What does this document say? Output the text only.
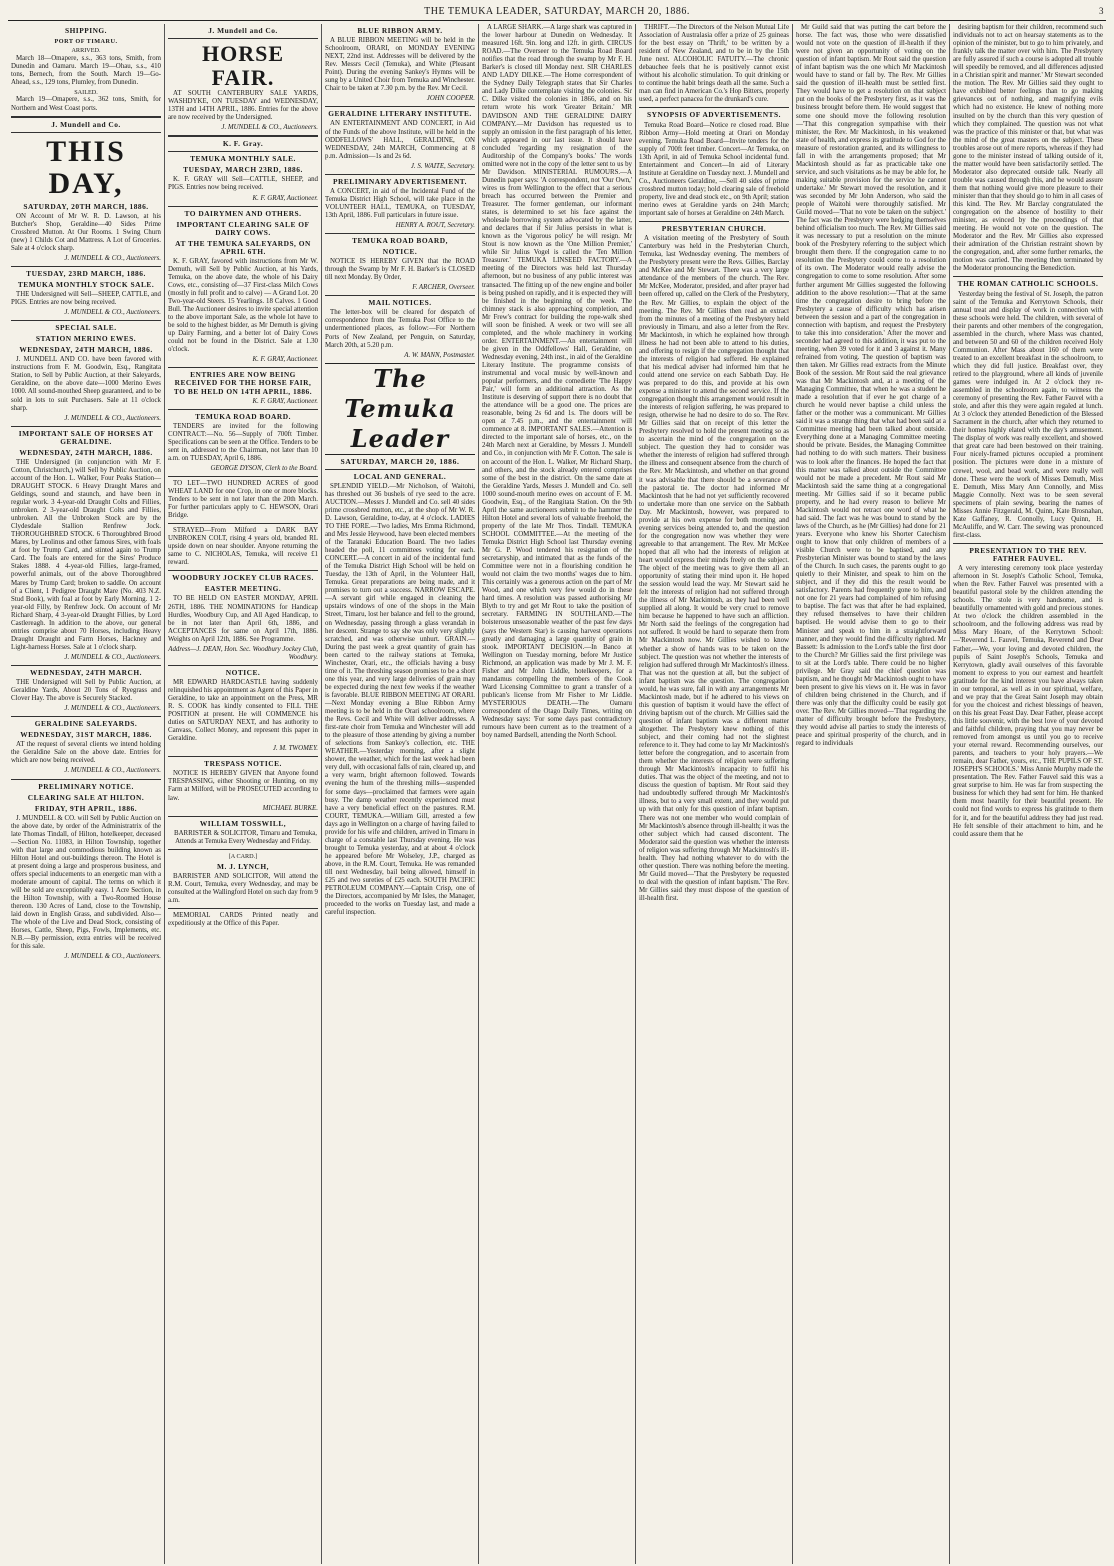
THE TEMUKA LEADER, SATURDAY, MARCH 20, 1886.	3
SHIPPING.
PORT OF TIMARU.
ARRIVED.

March 18—Omapere, s.s., 363 tons, Smith, from Dunedin and Oamaru. March 19—Ohau, s.s., 410 tons, Bernech, from the South. March 19—Go-Ahead, s.s., 129 tons, Plumley, from Dunedin.

SAILED.

March 19—Omapere, s.s., 362 tons, Smith, for Northern and West Coast ports.

J. Mundell and Co.
THIS DAY,
SATURDAY, 20TH MARCH, 1886.

ON Account of Mr W. R. D. Lawson, at his Butcher's Shop, Geraldine—40 Sides Prime Crossbred Mutton. At Our Rooms. 1 Swing Churn (new) 1 Childs Cot and Mattress. A Lot of Groceries. Sale at 4 o'clock sharp.

J. MUNDELL & CO., Auctioneers.
TUESDAY, 23RD MARCH, 1886.
TEMUKA MONTHLY STOCK SALE.

THE Undersigned will Sell—SHEEP, CATTLE, and PIGS. Entries are now being received.

J. MUNDELL & CO., Auctioneers.
SPECIAL SALE.
STATION MERINO EWES.
WEDNESDAY, 24TH MARCH, 1886.

J. MUNDELL AND CO. have been favored with instructions from F. M. Goodwin, Esq., Rangitata Station, to Sell by Public Auction, at their Saleyards, Geraldine, on the above date—1000 Merino Ewes 1000. All sound-mouthed Sheep guaranteed, and to be sold in lots to suit Purchasers. Sale at 11 o'clock sharp.

J. MUNDELL & CO., Auctioneers.
IMPORTANT SALE OF HORSES AT GERALDINE.
WEDNESDAY, 24TH MARCH, 1886.

THE Undersigned (in conjunction with Mr F. Cotton, Christchurch,) will Sell by Public Auction, on account of the Hon. L. Walker, Four Peaks Station—DRAUGHT STOCK. 6 Heavy Draught Mares and Geldings, sound and staunch, and have been in regular work. 3 4-year-old Draught Colts and Fillies, unbroken. 2 3-year-old Draught Colts and Fillies, unbroken. All the Unbroken Stock are by the Clydesdale Stallion Renfrew Jock. THOROUGHBRED STOCK. 6 Thoroughbred Brood Mares, by Leolinus and other famous Sires, with foals at foot by Trump Card, and stinted again to Trump Card. The foals are entered for the Sires' Produce Stakes 1888. 4 4-year-old Fillies, large-framed, powerful animals, out of the above Thoroughbred Mares by Trump Card; broken to saddle. On account of a Client, 1 Pedigree Draught Mare (No. 403 N.Z. Stud Book), with foal at foot by Early Morning. 1 2-year-old Filly, by Renfrew Jock. On account of Mr Richard Sharp, 4 3-year-old Draught Fillies, by Lord Castlereagh. In addition to the above, our general entries comprise about 70 Horses, including Heavy Draught Draught and Farm Horses, Hackney and Light-harness Horses. Sale at 1 o'clock sharp.

J. MUNDELL & CO., Auctioneers.
WEDNESDAY, 24TH MARCH.

THE Undersigned will Sell by Public Auction, at Geraldine Yards, About 20 Tons of Ryegrass and Clover Hay. The above is Securely Stacked.

J. MUNDELL & CO., Auctioneers.
GERALDINE SALEYARDS.
WEDNESDAY, 31ST MARCH, 1886.

AT the request of several clients we intend holding the Geraldine Sale on the above date. Entries for which are now being received.

J. MUNDELL & CO., Auctioneers.
PRELIMINARY NOTICE.
CLEARING SALE AT HILTON.
FRIDAY, 9TH APRIL, 1886.

J. MUNDELL & CO. will Sell by Public Auction on the above date, by order of the Administratrix of the late Thomas Tindall, of Hilton, hotelkeeper, deceased—Section No. 11083, in Hilton Township, together with that large and commodious building known as Hilton Hotel and out-buildings thereon. The Hotel is at present doing a large and prosperous business, and offers special inducements to an energetic man with a moderate amount of capital. The terms on which it will be sold are exceptionally easy. 1 Acre Section, in the Hilton Township, with a Two-Roomed House thereon. 130 Acres of Land, close to the Township, laid down in English Grass, and subdivided. Also—The whole of the Live and Dead Stock, consisting of Horses, Cattle, Sheep, Pigs, Fowls, Implements, etc. N.B.—By permission, extra entries will be received for this sale.

J. MUNDELL & CO., Auctioneers.
J. Mundell and Co.
HORSE FAIR.

AT SOUTH CANTERBURY SALE YARDS, WASHDYKE, ON TUESDAY and WEDNESDAY, 13TH and 14TH APRIL, 1886. Entries for the above are now received by the Undersigned.

J. MUNDELL & CO., Auctioneers.
K. F. Gray.
TEMUKA MONTHLY SALE.
TUESDAY, MARCH 23RD, 1886.

K. F. GRAY will Sell—CATTLE, SHEEP, and PIGS. Entries now being received.

K. F. GRAY, Auctioneer.
TO DAIRYMEN AND OTHERS.
IMPORTANT CLEARING SALE OF DAIRY COWS.
AT THE TEMUKA SALEYARDS, ON APRIL 6TH.

K. F. GRAY, favored with instructions from Mr W. Demuth, will Sell by Public Auction, at his Yards, Temuka, on the above date, the whole of his Dairy Cows, etc., consisting of—37 First-class Milch Cows (mostly in full profit and to calve) — A Grand Lot. 20 Two-year-old Steers. 15 Yearlings. 18 Calves. 1 Good Bull. The Auctioneer desires to invite special attention to the above important Sale, as the whole lot have to be sold to the highest bidder, as Mr Demuth is giving up Dairy Farming, and a better lot of Dairy Cows could not be found in the District. Sale at 1.30 o'clock.

K. F. GRAY, Auctioneer.
ENTRIES ARE NOW BEING RECEIVED FOR THE HORSE FAIR, TO BE HELD ON 14TH APRIL, 1886.
K. F. GRAY, Auctioneer.
TEMUKA ROAD BOARD.

TENDERS are invited for the following CONTRACT:—No. 56—Supply of 700ft Timber. Specifications can be seen at the Office. Tenders to be sent in, addressed to the Chairman, not later than 10 a.m. on TUESDAY, April 6, 1886.

GEORGE DYSON, Clerk to the Board.

TO LET—TWO HUNDRED ACRES of good WHEAT LAND for one Crop, in one or more blocks. Tenders to be sent in not later than the 20th March. For further particulars apply to C. HEWSON, Orari Bridge.

STRAYED—From Milford a DARK BAY UNBROKEN COLT, rising 4 years old, branded RL upside down on near shoulder. Anyone returning the same to C. NICHOLAS, Temuka, will receive £1 reward.

WOODBURY JOCKEY CLUB RACES.
EASTER MEETING.

TO BE HELD ON EASTER MONDAY, APRIL 26TH, 1886. THE NOMINATIONS for Handicap Hurdles, Woodbury Cup, and All Aged Handicap, to be in not later than April 6th, 1886, and ACCEPTANCES for same on April 17th, 1886. Weights on April 12th, 1886. See Programme.

Address—J. DEAN, Hon. Sec. Woodbury Jockey Club, Woodbury.
NOTICE.

MR EDWARD HARDCASTLE having suddenly relinquished his appointment as Agent of this Paper in Geraldine, to take an appointment on the Press, MR R. S. COOK has kindly consented to FILL THE POSITION at present. He will COMMENCE his duties on SATURDAY NEXT, and has authority to Canvass, Collect Money, and represent this paper in Geraldine.

J. M. TWOMEY.
TRESPASS NOTICE.

NOTICE IS HEREBY GIVEN that Anyone found TRESPASSING, either Shooting or Hunting, on my Farm at Milford, will be PROSECUTED according to law.

MICHAEL BURKE.
WILLIAM TOSSWILL,

BARRISTER & SOLICITOR, Timaru and Temuka, Attends at Temuka Every Wednesday and Friday.

[A CARD.]
M. J. LYNCH,

BARRISTER AND SOLICITOR, Will attend the R.M. Court, Temuka, every Wednesday, and may be consulted at the Wallingford Hotel on such day from 9 a.m.

MEMORIAL CARDS Printed neatly and expeditiously at the Office of this Paper.

BLUE RIBBON ARMY.

A BLUE RIBBON MEETING will be held in the Schoolroom, ORARI, on MONDAY EVENING NEXT, 22nd inst. Addresses will be delivered by the Rev. Messrs Cecil (Temuka), and White (Pleasant Point). During the evening Sankey's Hymns will be sung by a United Choir from Temuka and Winchester. Chair to be taken at 7.30 p.m. by the Rev. Mr Cecil.

JOHN COOPER.
GERALDINE LITERARY INSTITUTE.

AN ENTERTAINMENT AND CONCERT, in Aid of the Funds of the above Institute, will be held in the ODDFELLOWS' HALL, GERALDINE, ON WEDNESDAY, 24th MARCH, Commencing at 8 p.m. Admission—1s and 2s 6d.

J. S. WAITE, Secretary.
PRELIMINARY ADVERTISEMENT.

A CONCERT, in aid of the Incidental Fund of the Temuka District High School, will take place in the VOLUNTEER HALL, TEMUKA, on TUESDAY, 13th April, 1886. Full particulars in future issue.

HENRY A. ROUT, Secretary.
TEMUKA ROAD BOARD,
NOTICE.

NOTICE IS HEREBY GIVEN that the ROAD through the Swamp by Mr F. H. Barker's is CLOSED till next Monday. By Order,

F. ARCHER, Overseer.
MAIL NOTICES.

The letter-box will be cleared for despatch of correspondence from the Temuka Post Office to the undermentioned places, as follow:—For Northern Ports of New Zealand, per Penguin, on Saturday, March 20th, at 5.20 p.m.

A. W. MANN, Postmaster.
The Temuka Leader
SATURDAY, MARCH 20, 1886.
LOCAL AND GENERAL.

SPLENDID YIELD.—Mr Nicholson, of Waitohi, has threshed out 36 bushels of rye seed to the acre. AUCTION.—Messrs J. Mundell and Co. sell 40 sides prime crossbred mutton, etc., at the shop of Mr W. R. D. Lawson, Geraldine, to-day, at 4 o'clock. LADIES TO THE FORE.—Two ladies, Mrs Emma Richmond, and Mrs Jessie Heywood, have been elected members of the Taranaki Education Board. The two ladies headed the poll, 11 committees voting for each. CONCERT.—A concert in aid of the incidental fund of the Temuka District High School will be held on Tuesday, the 13th of April, in the Volunteer Hall, Temuka. Great preparations are being made, and it promises to turn out a success. NARROW ESCAPE.—A servant girl while engaged in cleaning the upstairs windows of one of the shops in the Main Street, Timaru, lost her balance and fell to the ground, on Wednesday, passing through a glass verandah in her descent. Strange to say she was only very slightly scratched, and was otherwise unhurt. GRAIN.—During the past week a great quantity of grain has been carted to the railway stations at Temuka, Winchester, Orari, etc., the officials having a busy time of it. The threshing season promises to be a short one this year, and very large deliveries of grain may be expected during the next few weeks if the weather is favorable. BLUE RIBBON MEETING AT ORARI.—Next Monday evening a Blue Ribbon Army meeting is to be held in the Orari schoolroom, where the Revs. Cecil and White will deliver addresses. A first-rate choir from Temuka and Winchester will add to the pleasure of those attending by giving a number of selections from Sankey's collection, etc. THE WEATHER.—Yesterday morning, after a slight shower, the weather, which for the last week had been very dull, with occasional falls of rain, cleared up, and a very warm, bright afternoon followed. Towards evening the hum of the threshing mills—suspended for some days—proclaimed that farmers were again busy. The damp weather recently experienced must have a very beneficial effect on the pastures. R.M. COURT, TEMUKA.—William Gill, arrested a few days ago in Wellington on a charge of having failed to provide for his wife and children, arrived in Timaru in charge of a constable last Thursday evening. He was brought to Temuka yesterday, and at about 4 o'clock he appeared before Mr Wolseley, J.P., charged as above, in the R.M. Court, Temuka. He was remanded till next Wednesday, bail being allowed, himself in £25 and two sureties of £25 each. SOUTH PACIFIC PETROLEUM COMPANY.—Captain Crisp, one of the Directors, accompanied by Mr Isles, the Manager, proceeded to the works on Tuesday last, and made a careful inspection.

A LARGE SHARK.—A large shark was captured in the lower harbour at Dunedin on Wednesday. It measured 16ft. 9in. long and 12ft. in girth. CIRCUS ROAD.—The Overseer to the Temuka Road Board notifies that the road through the swamp by Mr F. H. Barker's is closed till Monday next. SIR CHARLES AND LADY DILKE.—The Home correspondent of the Sydney Daily Telegraph states that Sir Charles and Lady Dilke contemplate visiting the colonies. Sir C. Dilke visited the colonies in 1866, and on his return wrote his work 'Greater Britain.' MR DAVIDSON AND THE GERALDINE DAIRY COMPANY.—Mr Davidson has requested us to supply an omission in the first paragraph of his letter, which appeared in our last issue. It should have concluded 'regarding my resignation of the Auditorship of the Company's books.' The words omitted were not in the copy of the letter sent to us by Mr Davidson. MINISTERIAL RUMOURS.—A Dunedin paper says: 'A correspondent, not 'Our Own,' wires us from Wellington to the effect that a serious breach has occurred between the Premier and Treasurer. The former gentleman, our informant states, is determined to set his face against the wholesale borrowing system advocated by the latter, and declares that if Sir Julius persists in what is known as the 'vigorous policy' he will resign. Mr Stout is now known as the 'One Million Premier,' while Sir Julius Vogel is called the 'Ten Million Treasurer.' TEMUKA LINSEED FACTORY.—A meeting of the Directors was held last Thursday afternoon, but no business of any public interest was transacted. The fitting up of the new engine and boiler is being pushed on rapidly, and it is expected they will be finished in the beginning of the week. The chimney stack is also approaching completion, and Mr Frew's contract for building the rope-walk shed will soon be finished. A week or two will see all completed, and the whole machinery in working order. ENTERTAINMENT.—An entertainment will be given in the Oddfellows' Hall, Geraldine, on Wednesday evening, 24th inst., in aid of the Geraldine Literary Institute. The programme consists of instrumental and vocal music by well-known and popular performers, and the comediette 'The Happy Pair,' will form an additional attraction. As the Institute is deserving of support there is no doubt that the attendance will be a good one. The prices are reasonable, being 2s 6d and 1s. The doors will be open at 7.45 p.m., and the entertainment will commence at 8. IMPORTANT SALES.—Attention is directed to the important sale of horses, etc., on the 24th March next at Geraldine, by Messrs J. Mundell and Co., in conjunction with Mr F. Cotton. The sale is on account of the Hon. L. Walker, Mr Richard Sharp, and others, and the stock already entered comprises some of the best in the district. On the same date at the Geraldine Yards, Messrs J. Mundell and Co. sell 1000 sound-mouth merino ewes on account of F. M. Goodwin, Esq., of the Rangitata Station. On the 9th April the same auctioneers submit to the hammer the Hilton Hotel and several lots of valuable freehold, the property of the late Mr Thos. Tindall. TEMUKA SCHOOL COMMITTEE.—At the meeting of the Temuka District High School last Thursday evening Mr G. P. Wood tendered his resignation of the secretaryship, and intimated that as the funds of the Committee were not in a flourishing condition he would not claim the two months' wages due to him. This certainly was a generous action on the part of Mr Wood, and one which very few would do in these hard times. A resolution was passed authorising Mr Blyth to try and get Mr Rout to take the position of secretary. FARMING IN SOUTHLAND.—The boisterous unseasonable weather of the past few days (says the Western Star) is causing harvest operations greatly and damaging a large quantity of grain in stook. IMPORTANT DECISION.—In Banco at Wellington on Tuesday morning, before Mr Justice Richmond, an application was made by Mr J. M. F. Fisher and Mr John Liddle, hotelkeepers, for a mandamus compelling the members of the Cook Ward Licensing Committee to grant a transfer of a publican's license from Mr Fisher to Mr Liddle. MYSTERIOUS DEATH.—The Oamaru correspondent of the Otago Daily Times, writing on Wednesday says: 'For some days past contradictory rumours have been current as to the treatment of a boy named Bardsell, attending the North School.

THRIFT.—The Directors of the Nelson Mutual Life Association of Australasia offer a prize of 25 guineas for the best essay on 'Thrift,' to be written by a resident of New Zealand, and to be in by the 15th June next. ALCOHOLIC FATUITY.—The chronic debauchee feels that he is positively cannot exist without his alcoholic stimulation. To quit drinking or to continue the habit brings death all the same. Such a man can find in American Co.'s Hop Bitters, properly used, a perfect panacea for the drunkard's cure.

SYNOPSIS OF ADVERTISEMENTS.

Temuka Road Board—Notice re closed road. Blue Ribbon Army—Hold meeting at Orari on Monday evening. Temuka Road Board—Invite tenders for the supply of 700ft feet timber. Concert—At Temuka, on 13th April, in aid of Temuka School incidental fund. Entertainment and Concert—In aid of Literary Institute at Geraldine on Tuesday next. J. Mundell and Co., Auctioneers Geraldine, —Sell 40 sides of prime crossbred mutton today; hold clearing sale of freehold property, live and dead stock etc., on 9th April; station merino ewes at Geraldine yards on 24th March; important sale of horses at Geraldine on 24th March.

PRESBYTERIAN CHURCH.

A visitation meeting of the Presbytery of South Canterbury was held in the Presbyterian Church, Temuka, last Wednesday evening. The members of the Presbytery present were the Revs. Gillies, Barclay and McKee and Mr Stewart. There was a very large attendance of the members of the church. The Rev. Mr McKee, Moderator, presided, and after prayer had been offered up, called on the Clerk of the Presbytery, the Rev. Mr Gillies, to explain the object of the meeting. The Rev. Mr Gillies then read an extract from the minutes of a meeting of the Presbytery held previously in Timaru, and also a letter from the Rev. Mr Mackintosh, in which he explained how through illness he had not been able to attend to his duties, and offering to resign if the congregation thought that the interests of religion had suffered. He explained that his medical adviser had informed him that he could attend one service on each Sabbath Day. He was prepared to do this, and provide at his own expense a minister to attend the second service. If the congregation thought this arrangement would result in the interests of religion suffering, he was prepared to resign, otherwise he had no desire to do so. The Rev. Mr Gillies said that on receipt of this letter the Presbytery resolved to hold the present meeting so as to ascertain the mind of the congregation on the subject. The question they had to consider was whether the interests of religion had suffered through the illness and consequent absence from the church of the Rev. Mr Mackintosh, and whether on that ground it was advisable that there should be a severance of the pastoral tie. The doctor had informed Mr Mackintosh that he had not yet sufficiently recovered to undertake more than one service on the Sabbath Day. Mr Mackintosh, however, was prepared to provide at his own expense for both morning and evening services being attended to, and the question for the congregation now was whether they were agreeable to that arrangement. The Rev. Mr McKee hoped that all who had the interests of religion at heart would express their minds freely on the subject. The object of the meeting was to give them all an opportunity of stating their mind upon it. He hoped the session would lead the way. Mr Stewart said he felt the interests of religion had not suffered through the illness of Mr Mackintosh, as they had been well supplied all along. It would be very cruel to remove him because he happened to have such an affliction. Mr North said the feelings of the congregation had not suffered. It would be hard to separate them from Mr Mackintosh now. Mr Gillies wished to know whether a show of hands was to be taken on the subject. The question was not whether the interests of religion had suffered through Mr Mackintosh's illness. That was not the question at all, but the subject of infant baptism was the question. The congregation would, he was sure, fall in with any arrangements Mr Mackintosh made, but if he adhered to his views on this question of baptism it would have the effect of driving baptism out of the church. Mr Gillies said the question of infant baptism was a different matter altogether. The Presbytery knew nothing of this subject, and their coming had not the slightest reference to it. They had come to lay Mr Mackintosh's letter before the congregation, and to ascertain from them whether the interests of religion were suffering through Mr Mackintosh's incapacity to fulfil his duties. That was the object of the meeting, and not to discuss the question of baptism. Mr Rout said they had undoubtedly suffered through Mr Mackintosh's illness, but to a very small extent, and they would put up with that only for this question of infant baptism. There was not one member who would complain of Mr Mackintosh's absence through ill-health; it was the other subject which had caused discontent. The Moderator said the question was whether the interests of religion was suffering through Mr Mackintosh's ill-health. They had nothing whatever to do with the other question. There was nothing before the meeting. Mr Guild moved—'That the Presbytery be requested to deal with the question of infant baptism.' The Rev. Mr Gillies said they must dispose of the question of ill-health first.

Mr Guild said that was putting the cart before the horse. The fact was, those who were dissatisfied would not vote on the question of ill-health if they were not given an opportunity of voting on the question of infant baptism. Mr Rout said the question of infant baptism was the one which Mr Mackintosh would have to stand or fall by. The Rev. Mr Gillies said the question of ill-health must be settled first. They would have to get a resolution on that subject put on the books of the Presbytery first, as it was the business brought before them. He would suggest that some one should move the following resolution—'That this congregation sympathise with their minister, the Rev. Mr Mackintosh, in his weakened state of health, and express its gratitude to God for the measure of restoration granted, and its willingness to fall in with the arrangements proposed; that Mr Mackintosh should as far as practicable take one service, and such visitations as he may be able for, he making suitable provision for the service he cannot undertake.' Mr Stewart moved the resolution, and it was seconded by Mr John Anderson, who said the people of Waitohi were thoroughly satisfied. Mr Guild moved—'That no vote be taken on the subject.' The fact was the Presbytery were hedging themselves behind officialism too much. The Rev. Mr Gillies said it was necessary to put a resolution on the minute book of the Presbytery referring to the subject which brought them there. If the congregation came to no resolution the Presbytery could come to a resolution of its own. The Moderator would really advise the congregation to come to some resolution. After some further argument Mr Gillies suggested the following addition to the above resolution:—'That at the same time the congregation desire to bring before the Presbytery a cause of difficulty which has arisen between the session and a part of the congregation in connection with baptism, and request the Presbytery to take this into consideration.' After the mover and seconder had agreed to this addition, it was put to the meeting, when 39 voted for it and 3 against it. Many refrained from voting. The question of baptism was then taken. Mr Gillies read extracts from the Minute Book of the session. Mr Rout said the real grievance was that Mr Mackintosh and, at a meeting of the Managing Committee, that when he was a student he made a resolution that if ever he got charge of a church he would never baptise a child unless the father or the mother was a communicant. Mr Gillies said it was a strange thing that what had been said at a Committee meeting had been talked about outside. Everything done at a Managing Committee meeting should be private. Besides, the Managing Committee had nothing to do with such matters. Their business was to look after the finances. He hoped the fact that this matter was talked about outside the Committee would not be made a precedent. Mr Rout said Mr Mackintosh said the same thing at a congregational meeting. Mr Gillies said if so it became public property, and he had every reason to believe Mr Mackintosh would not retract one word of what he had said. The fact was he was bound to stand by the laws of the Church, as he (Mr Gillies) had done for 21 years. Everyone who knew his Shorter Catechism ought to know that only children of members of a visible Church were to be baptised, and any Presbyterian Minister was bound to stand by the laws of the Church. In such cases, the parents ought to go quietly to their Minister, and speak to him on the subject, and if they did this the result would be satisfactory. Parents had frequently gone to him, and not one for 21 years had complained of him refusing to baptise. The fact was that after he had explained, they refused themselves to have their children baptised. He would advise them to go to their Minister and speak to him in a straightforward manner, and they would find the difficulty righted. Mr Bassett: Is admission to the Lord's table the first door to the Church? Mr Gillies said the first privilege was to sit at the Lord's table. There could be no higher privilege. Mr Gray said the chief question was baptism, and he thought Mr Mackintosh ought to have been present to give his views on it. He was in favor of children being christened in the Church, and if there was only that the difficulty could be easily got over. The Rev. Mr Gillies moved—'That regarding the matter of difficulty brought before the Presbytery, they would advise all parties to study the interests of peace and spiritual prosperity of the church, and in regard to individuals

desiring baptism for their children, recommend such individuals not to act on hearsay statements as to the opinion of the minister, but to go to him privately, and frankly talk the matter over with him. The Presbytery are fully assured if such a course is adopted all trouble will speedily be removed, and all differences adjusted in a Christian spirit and manner.' Mr Stewart seconded the motion. The Rev. Mr Gillies said they ought to have exhibited better feelings than to go making grievances out of nothing, and magnifying evils which had no existence. He knew of nothing more insulted on by the church than this very question of which they complained. The question was not what was the practice of this minister or that, but what was the mind of the great masters on the subject. These troubles arose out of mere reports, whereas if they had gone to the minister instead of talking outside of it, the matter would have been satisfactorily settled. The Moderator also deprecated outside talk. Nearly all trouble was caused through this, and he would assure them that nothing would give more pleasure to their minister than that they should go to him in all cases of this kind. The Rev. Mr Barclay congratulated the congregation on the absence of hostility to their minister, as evinced by the proceedings of that meeting. He would not vote on the question. The Moderator and the Rev. Mr Gillies also expressed their admiration of the Christian restraint shown by the congregation, and, after some further remarks, the motion was carried. The meeting then terminated by the Moderator pronouncing the Benediction.

THE ROMAN CATHOLIC SCHOOLS.

Yesterday being the festival of St. Joseph, the patron saint of the Temuka and Kerrytown Schools, their annual treat and display of work in connection with these schools were held. The children, with several of their parents and other members of the congregation, assembled in the church, where Mass was chanted, and between 50 and 60 of the children received Holy Communion. After Mass about 160 of them were treated to an excellent breakfast in the schoolroom, to which they did full justice. Breakfast over, they retired to the playground, where all kinds of juvenile games were indulged in. At 2 o'clock they re-assembled in the schoolroom again, to witness the ceremony of presenting the Rev. Father Fauvel with a stole, and after this they were again regaled at lunch. At 3 o'clock they attended Benediction of the Blessed Sacrament in the church, after which they returned to their homes highly elated with the day's amusement. The display of work was really excellent, and showed that great care had been bestowed on their training. Four nicely-framed pictures occupied a prominent position. The pictures were done in a mixture of crewel, wool, and bead work, and were really well done. These were the work of Misses Demuth, Miss E. Demuth, Miss Mary Ann Connolly, and Miss Maggie Connolly. Next was to be seen several specimens of plain sewing, bearing the names of Misses Annie Fitzgerald, M. Quinn, Kate Brosnahan, Kate Gaffaney, R. Connolly, Lucy Quinn, H. McAuliffe, and W. Carr. The sewing was pronounced first-class.

PRESENTATION TO THE REV. FATHER FAUVEL.

A very interesting ceremony took place yesterday afternoon in St. Joseph's Catholic School, Temuka, when the Rev. Father Fauvel was presented with a beautiful pastoral stole by the children attending the schools. The stole is very handsome, and is beautifully ornamented with gold and precious stones. At two o'clock the children assembled in the schoolroom, and the following address was read by Miss Mary Hoare, of the Kerrytown School:—'Reverend L. Fauvel, Temuka, Reverend and Dear Father,—We, your loving and devoted children, the pupils of Saint Joseph's Schools, Temuka and Kerrytown, gladly avail ourselves of this favorable moment to express to you our earnest and heartfelt gratitude for the kind interest you have always taken in our temporal, as well as in our spiritual, welfare, and we pray that the Great Saint Joseph may obtain for you the choicest and richest blessings of heaven, on this his great Feast Day. Dear Father, please accept this little souvenir, with the best love of your devoted and faithful children, praying that you may never be removed from amongst us until you go to receive your eternal reward. Recommending ourselves, our parents, and teachers to your holy prayers.—We remain, dear Father, yours, etc., THE PUPILS OF ST. JOSEPH'S SCHOOLS.' Miss Annie Murphy made the presentation. The Rev. Father Fauvel said this was a great surprise to him. He was far from suspecting the business for which they had sent for him. He thanked them most heartily for their beautiful present. He could not find words to express his gratitude to them for it, and for the beautiful address they had just read. He felt sensible of their attachment to him, and he could assure them that he
